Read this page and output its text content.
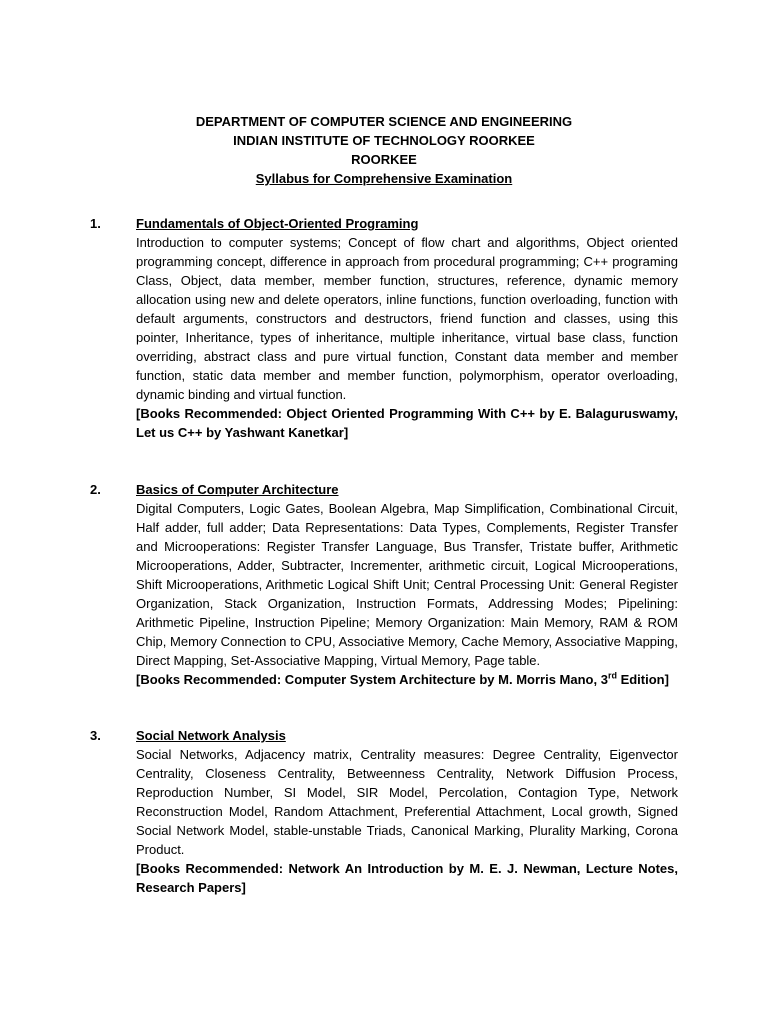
DEPARTMENT OF COMPUTER SCIENCE AND ENGINEERING
INDIAN INSTITUTE OF TECHNOLOGY ROORKEE
ROORKEE
Syllabus for Comprehensive Examination
1.	Fundamentals of Object-Oriented Programing
Introduction to computer systems; Concept of flow chart and algorithms, Object oriented programming concept, difference in approach from procedural programming; C++ programing Class, Object, data member, member function, structures, reference, dynamic memory allocation using new and delete operators, inline functions, function overloading, function with default arguments, constructors and destructors, friend function and classes, using this pointer, Inheritance, types of inheritance, multiple inheritance, virtual base class, function overriding, abstract class and pure virtual function, Constant data member and member function, static data member and member function, polymorphism, operator overloading, dynamic binding and virtual function.
[Books Recommended: Object Oriented Programming With C++ by E. Balaguruswamy, Let us C++ by Yashwant Kanetkar]
2.	Basics of Computer Architecture
Digital Computers, Logic Gates, Boolean Algebra, Map Simplification, Combinational Circuit, Half adder, full adder; Data Representations: Data Types, Complements, Register Transfer and Microoperations: Register Transfer Language, Bus Transfer, Tristate buffer, Arithmetic Microoperations, Adder, Subtracter, Incrementer, arithmetic circuit, Logical Microoperations, Shift Microoperations, Arithmetic Logical Shift Unit; Central Processing Unit: General Register Organization, Stack Organization, Instruction Formats, Addressing Modes; Pipelining: Arithmetic Pipeline, Instruction Pipeline; Memory Organization: Main Memory, RAM & ROM Chip, Memory Connection to CPU, Associative Memory, Cache Memory, Associative Mapping, Direct Mapping, Set-Associative Mapping, Virtual Memory, Page table.
[Books Recommended: Computer System Architecture by M. Morris Mano, 3rd Edition]
3.	Social Network Analysis
Social Networks, Adjacency matrix, Centrality measures: Degree Centrality, Eigenvector Centrality, Closeness Centrality, Betweenness Centrality, Network Diffusion Process, Reproduction Number, SI Model, SIR Model, Percolation, Contagion Type, Network Reconstruction Model, Random Attachment, Preferential Attachment, Local growth, Signed Social Network Model, stable-unstable Triads, Canonical Marking, Plurality Marking, Corona Product.
[Books Recommended: Network An Introduction by M. E. J. Newman, Lecture Notes, Research Papers]
